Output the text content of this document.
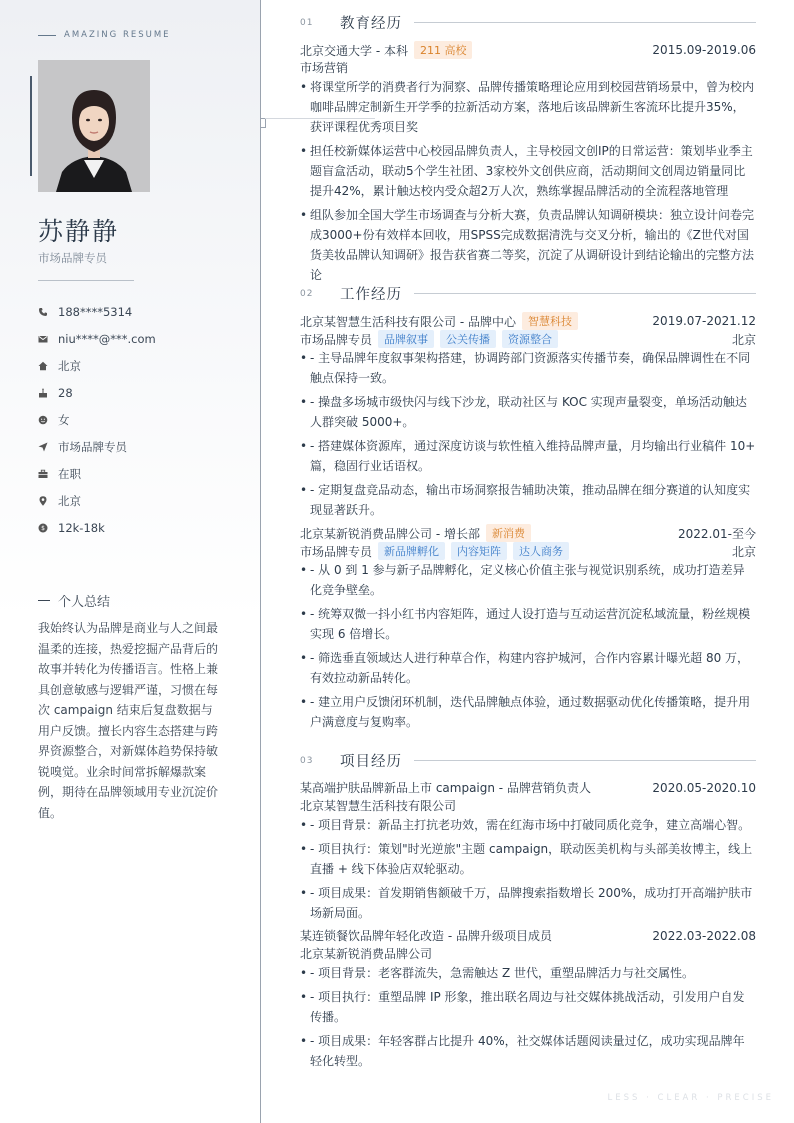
AMAZING RESUME
苏静静
市场品牌专员
188****5314
niu****@***.com
北京
28
女
市场品牌专员
在职
北京
$ 12k-18k
个人总结
我始终认为品牌是商业与人之间最温柔的连接，热爱挖掘产品背后的故事并转化为传播语言。性格上兼具创意敏感与逻辑严谨，习惯在每次 campaign 结束后复盘数据与用户反馈。擅长内容生态搭建与跨界资源整合，对新媒体趋势保持敏锐嗅觉。业余时间常拆解爆款案例，期待在品牌领域用专业沉淀价值。
01	教育经历
北京交通大学 - 本科	211 高校	2015.09-2019.06
市场营销
• 将课堂所学的消费者行为洞察、品牌传播策略理论应用到校园营销场景中，曾为校内咖啡品牌定制新生开学季的拉新活动方案，落地后该品牌新生客流环比提升35%，获评课程优秀项目奖
• 担任校新媒体运营中心校园品牌负责人，主导校园文创IP的日常运营：策划毕业季主题盲盒活动，联动5个学生社团、3家校外文创供应商，活动期间文创周边销量同比提升42%，累计触达校内受众超2万人次，熟练掌握品牌活动的全流程落地管理
• 组队参加全国大学生市场调查与分析大赛，负责品牌认知调研模块：独立设计问卷完成3000+份有效样本回收，用SPSS完成数据清洗与交叉分析，输出的《Z世代对国货美妆品牌认知调研》报告获省赛二等奖，沉淀了从调研设计到结论输出的完整方法论
02	工作经历
北京某智慧生活科技有限公司 - 品牌中心	智慧科技	2019.07-2021.12
市场品牌专员	品牌叙事	公关传播	资源整合	北京
• - 主导品牌年度叙事架构搭建，协调跨部门资源落实传播节奏，确保品牌调性在不同触点保持一致。
• - 操盘多场城市级快闪与线下沙龙，联动社区与 KOC 实现声量裂变，单场活动触达人群突破 5000+。
• - 搭建媒体资源库，通过深度访谈与软性植入维持品牌声量，月均输出行业稿件 10+ 篇，稳固行业话语权。
• - 定期复盘竞品动态，输出市场洞察报告辅助决策，推动品牌在细分赛道的认知度实现显著跃升。
北京某新锐消费品牌公司 - 增长部	新消费	2022.01-至今
市场品牌专员	新品牌孵化	内容矩阵	达人商务	北京
• - 从 0 到 1 参与新子品牌孵化，定义核心价值主张与视觉识别系统，成功打造差异化竞争壁垒。
• - 统筹双微一抖小红书内容矩阵，通过人设打造与互动运营沉淀私域流量，粉丝规模实现 6 倍增长。
• - 筛选垂直领域达人进行种草合作，构建内容护城河，合作内容累计曝光超 80 万，有效拉动新品转化。
• - 建立用户反馈闭环机制，迭代品牌触点体验，通过数据驱动优化传播策略，提升用户满意度与复购率。
03	项目经历
某高端护肤品牌新品上市 campaign - 品牌营销负责人	2020.05-2020.10
北京某智慧生活科技有限公司
• - 项目背景：新品主打抗老功效，需在红海市场中打破同质化竞争，建立高端心智。
• - 项目执行：策划"时光逆旅"主题 campaign，联动医美机构与头部美妆博主，线上直播 + 线下体验店双轮驱动。
• - 项目成果：首发期销售额破千万，品牌搜索指数增长 200%，成功打开高端护肤市场新局面。
某连锁餐饮品牌年轻化改造 - 品牌升级项目成员	2022.03-2022.08
北京某新锐消费品牌公司
• - 项目背景：老客群流失，急需触达 Z 世代，重塑品牌活力与社交属性。
• - 项目执行：重塑品牌 IP 形象，推出联名周边与社交媒体挑战活动，引发用户自发传播。
• - 项目成果：年轻客群占比提升 40%，社交媒体话题阅读量过亿，成功实现品牌年轻化转型。
LESS · CLEAR · PRECISE
